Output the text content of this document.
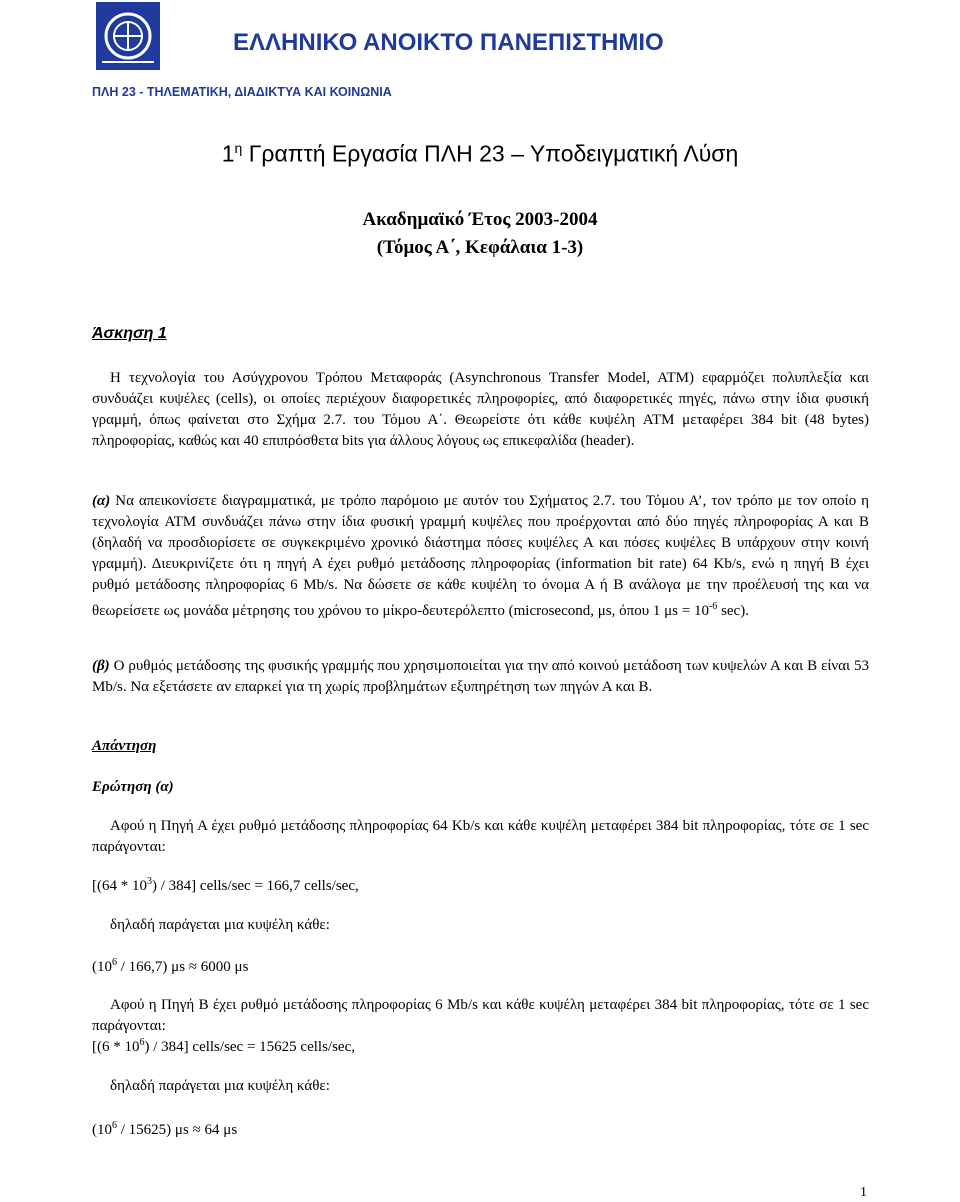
ΕΛΛΗΝΙΚΟ ΑΝΟΙΚΤΟ ΠΑΝΕΠΙΣΤΗΜΙΟ
ΠΛΗ 23 - ΤΗΛΕΜΑΤΙΚΗ, ΔΙΑΔΙΚΤΥΑ ΚΑΙ ΚΟΙΝΩΝΙΑ
$1^\eta$ Γραπτή Εργασία ΠΛΗ 23 – Υποδειγματική Λύση
Ακαδημαϊκό Έτος 2003-2004
(Τόμος Α΄, Κεφάλαια 1-3)
Άσκηση 1
Η τεχνολογία του Ασύγχρονου Τρόπου Μεταφοράς (Asynchronous Transfer Model, ATM) εφαρμόζει πολυπλεξία και συνδυάζει κυψέλες (cells), οι οποίες περιέχουν διαφορετικές πληροφορίες, από διαφορετικές πηγές, πάνω στην ίδια φυσική γραμμή, όπως φαίνεται στο Σχήμα 2.7. του Τόμου Α΄. Θεωρείστε ότι κάθε κυψέλη ATM μεταφέρει 384 bit (48 bytes) πληροφορίας, καθώς και 40 επιπρόσθετα bits για άλλους λόγους ως επικεφαλίδα (header).
(α) Να απεικονίσετε διαγραμματικά, με τρόπο παρόμοιο με αυτόν του Σχήματος 2.7. του Τόμου Α’, τον τρόπο με τον οποίο η τεχνολογία ATM συνδυάζει πάνω στην ίδια φυσική γραμμή κυψέλες που προέρχονται από δύο πηγές πληροφορίας Α και Β (δηλαδή να προσδιορίσετε σε συγκεκριμένο χρονικό διάστημα πόσες κυψέλες Α και πόσες κυψέλες Β υπάρχουν στην κοινή γραμμή). Διευκρινίζετε ότι η πηγή Α έχει ρυθμό μετάδοσης πληροφορίας (information bit rate) 64 Kb/s, ενώ η πηγή Β έχει ρυθμό μετάδοσης πληροφορίας 6 Mb/s. Να δώσετε σε κάθε κυψέλη το όνομα Α ή Β ανάλογα με την προέλευσή της και να θεωρείσετε ως μονάδα μέτρησης του χρόνου το μίκρο-δευτερόλεπτο (microsecond, μs, όπου 1 $\mu s = 10^{-6}$ sec).
(β) Ο ρυθμός μετάδοσης της φυσικής γραμμής που χρησιμοποιείται για την από κοινού μετάδοση των κυψελών Α και Β είναι 53 Mb/s. Να εξετάσετε αν επαρκεί για τη χωρίς προβλημάτων εξυπηρέτηση των πηγών Α και Β.
Απάντηση
Ερώτηση (α)
Αφού η Πηγή Α έχει ρυθμό μετάδοσης πληροφορίας 64 Kb/s και κάθε κυψέλη μεταφέρει 384 bit πληροφορίας, τότε σε 1 sec παράγονται:
$[(64 * 10^3) / 384]$ cells/sec = 166,7 cells/sec,
δηλαδή παράγεται μια κυψέλη κάθε:
$(10^6 / 166,7) \mu s \approx 6000$ μs
Αφού η Πηγή Β έχει ρυθμό μετάδοσης πληροφορίας 6 Mb/s και κάθε κυψέλη μεταφέρει 384 bit πληροφορίας, τότε σε 1 sec παράγονται:
$[(6 * 10^6) / 384]$ cells/sec = 15625 cells/sec,
δηλαδή παράγεται μια κυψέλη κάθε:
$(10^6 / 15625) \mu s \approx 64$ μs
1
